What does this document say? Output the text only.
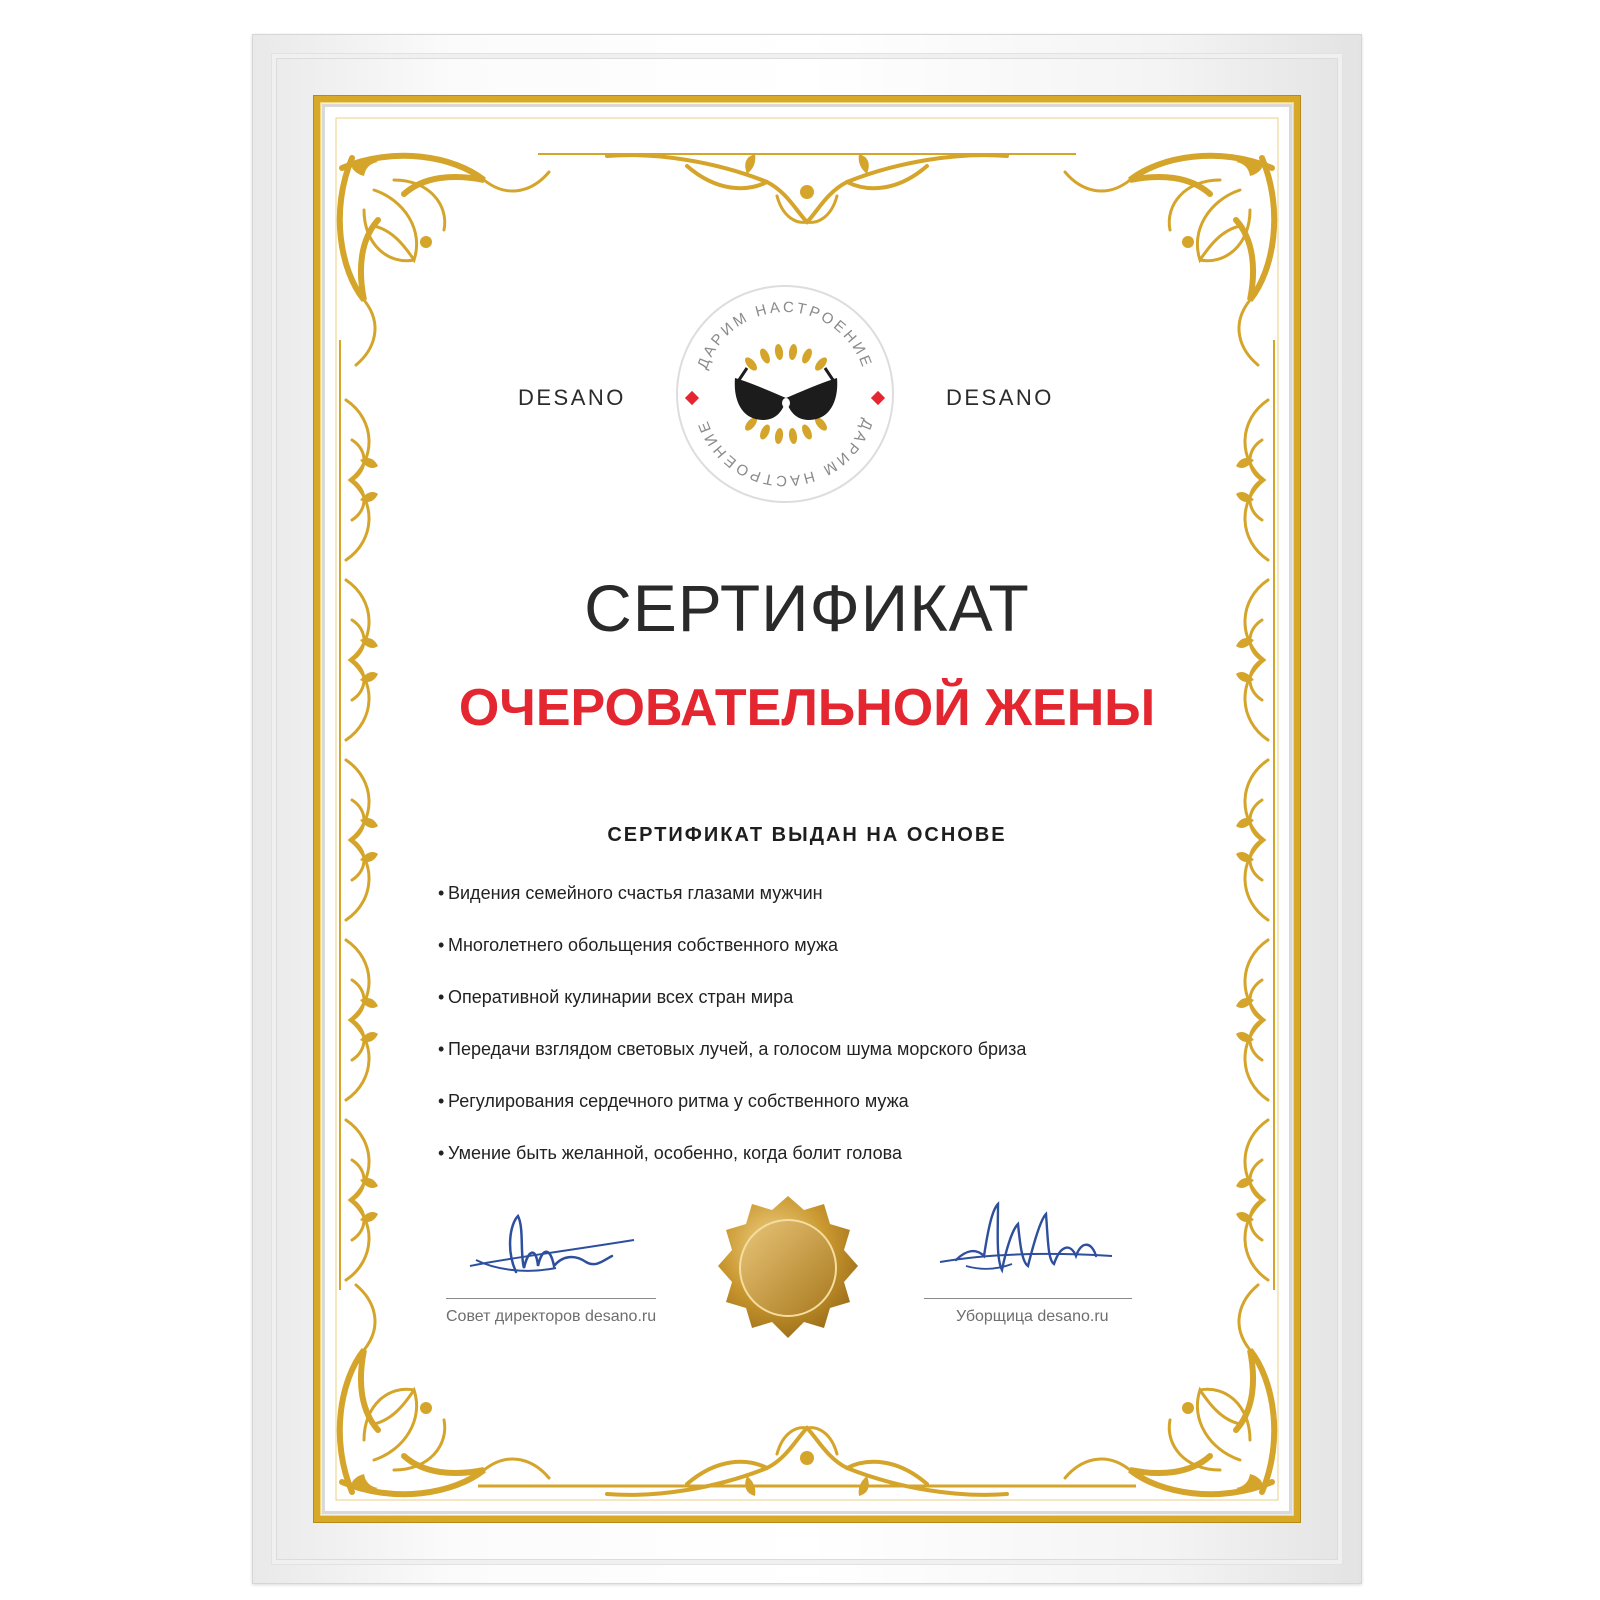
DESANO	DESANO
ДАРИМ НАСТРОЕНИЕ
ДАРИМ НАСТРОЕНИЕ
СЕРТИФИКАТ
ОЧЕРОВАТЕЛЬНОЙ ЖЕНЫ
СЕРТИФИКАТ ВЫДАН НА ОСНОВЕ
• Видения семейного счастья глазами мужчин
• Многолетнего обольщения собственного мужа
• Оперативной кулинарии всех стран мира
• Передачи взглядом световых лучей, а голосом шума морского бриза
• Регулирования сердечного ритма у собственного мужа
• Умение быть желанной, особенно, когда болит голова
Совет директоров desano.ru	Уборщица desano.ru
